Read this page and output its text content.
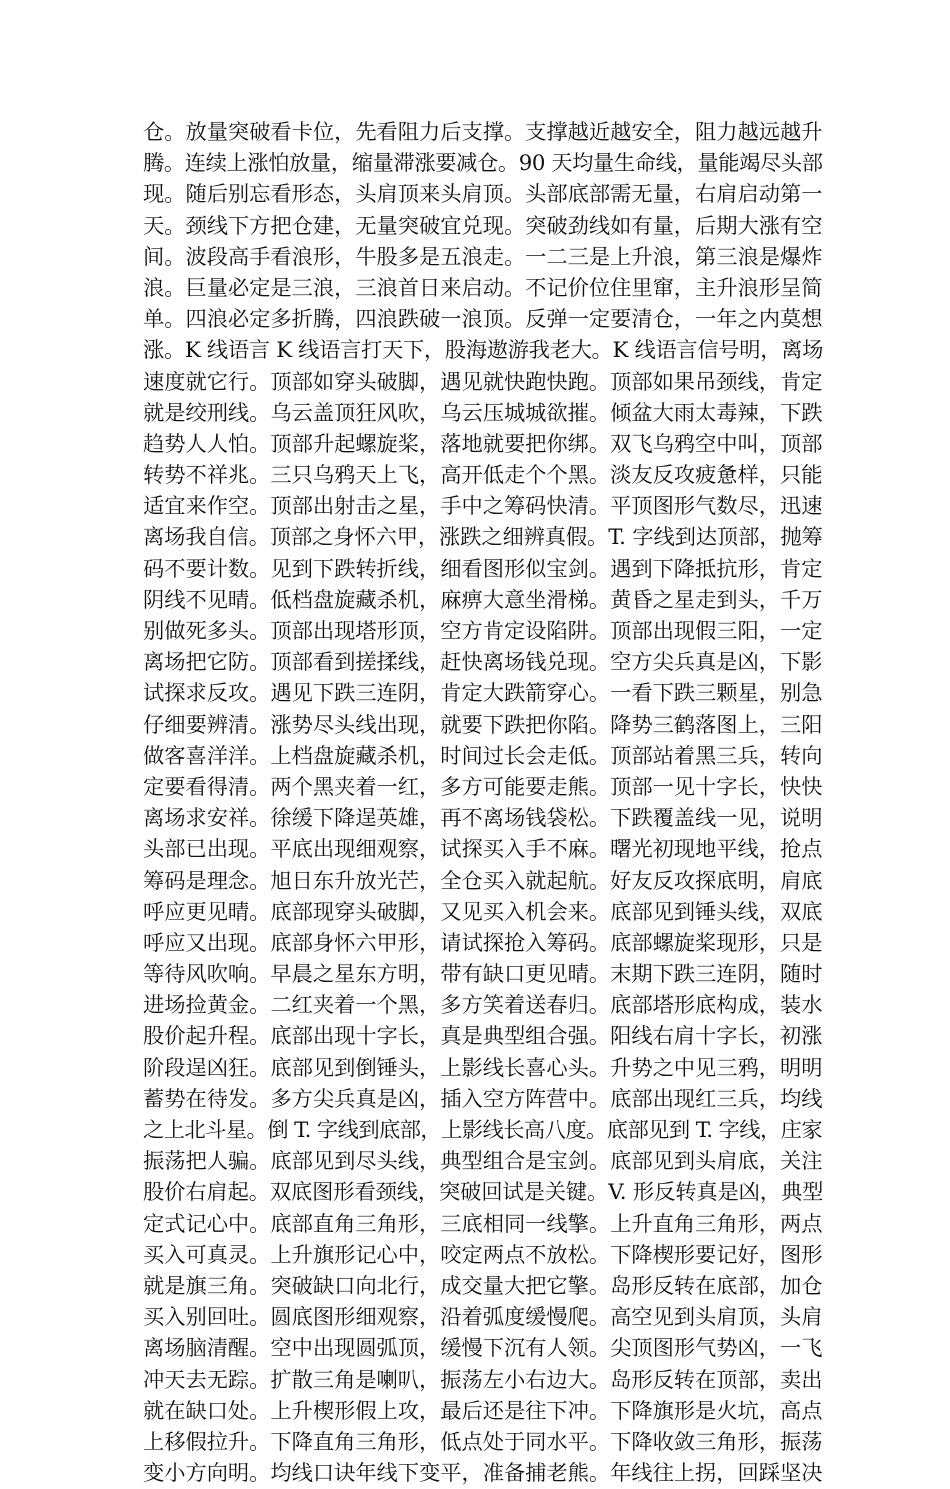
仓。放量突破看卡位，先看阻力后支撑。支撑越近越安全，阻力越远越升
腾。连续上涨怕放量，缩量滞涨要减仓。90 天均量生命线，量能竭尽头部
现。随后别忘看形态，头肩顶来头肩顶。头部底部需无量，右肩启动第一
天。颈线下方把仓建，无量突破宜兑现。突破劲线如有量，后期大涨有空
间。波段高手看浪形，牛股多是五浪走。一二三是上升浪，第三浪是爆炸
浪。巨量必定是三浪，三浪首日来启动。不记价位住里窜，主升浪形呈简
单。四浪必定多折腾，四浪跌破一浪顶。反弹一定要清仓，一年之内莫想
涨。K 线语言 K 线语言打天下，股海遨游我老大。K 线语言信号明，离场
速度就它行。顶部如穿头破脚，遇见就快跑快跑。顶部如果吊颈线，肯定
就是绞刑线。乌云盖顶狂风吹，乌云压城城欲摧。倾盆大雨太毒辣，下跌
趋势人人怕。顶部升起螺旋桨，落地就要把你绑。双飞乌鸦空中叫，顶部
转势不祥兆。三只乌鸦天上飞，高开低走个个黑。淡友反攻疲惫样，只能
适宜来作空。顶部出射击之星，手中之筹码快清。平顶图形气数尽，迅速
离场我自信。顶部之身怀六甲，涨跌之细辨真假。T. 字线到达顶部，抛筹
码不要计数。见到下跌转折线，细看图形似宝剑。遇到下降抵抗形，肯定
阴线不见晴。低档盘旋藏杀机，麻痹大意坐滑梯。黄昏之星走到头，千万
别做死多头。顶部出现塔形顶，空方肯定设陷阱。顶部出现假三阳，一定
离场把它防。顶部看到搓揉线，赶快离场钱兑现。空方尖兵真是凶，下影
试探求反攻。遇见下跌三连阴，肯定大跌箭穿心。一看下跌三颗星，别急
仔细要辨清。涨势尽头线出现，就要下跌把你陷。降势三鹤落图上，三阳
做客喜洋洋。上档盘旋藏杀机，时间过长会走低。顶部站着黑三兵，转向
定要看得清。两个黑夹着一红，多方可能要走熊。顶部一见十字长，快快
离场求安祥。徐缓下降逞英雄，再不离场钱袋松。下跌覆盖线一见，说明
头部已出现。平底出现细观察，试探买入手不麻。曙光初现地平线，抢点
筹码是理念。旭日东升放光芒，全仓买入就起航。好友反攻探底明，肩底
呼应更见晴。底部现穿头破脚，又见买入机会来。底部见到锤头线，双底
呼应又出现。底部身怀六甲形，请试探抢入筹码。底部螺旋桨现形，只是
等待风吹响。早晨之星东方明，带有缺口更见晴。末期下跌三连阴，随时
进场捡黄金。二红夹着一个黑，多方笑着送春归。底部塔形底构成，装水
股价起升程。底部出现十字长，真是典型组合强。阳线右肩十字长，初涨
阶段逞凶狂。底部见到倒锤头，上影线长喜心头。升势之中见三鸦，明明
蓄势在待发。多方尖兵真是凶，插入空方阵营中。底部出现红三兵，均线
之上北斗星。倒 T. 字线到底部，上影线长高八度。底部见到 T. 字线，庄家
振荡把人骗。底部见到尽头线，典型组合是宝剑。底部见到头肩底，关注
股价右肩起。双底图形看颈线，突破回试是关键。V. 形反转真是凶，典型
定式记心中。底部直角三角形，三底相同一线擎。上升直角三角形，两点
买入可真灵。上升旗形记心中，咬定两点不放松。下降楔形要记好，图形
就是旗三角。突破缺口向北行，成交量大把它擎。岛形反转在底部，加仓
买入别回吐。圆底图形细观察，沿着弧度缓慢爬。高空见到头肩顶，头肩
离场脑清醒。空中出现圆弧顶，缓慢下沉有人领。尖顶图形气势凶，一飞
冲天去无踪。扩散三角是喇叭，振荡左小右边大。岛形反转在顶部，卖出
就在缺口处。上升楔形假上攻，最后还是往下冲。下降旗形是火坑，高点
上移假拉升。下降直角三角形，低点处于同水平。下降收敛三角形，振荡
变小方向明。均线口诀年线下变平，准备捕老熊。年线往上拐，回踩坚决
